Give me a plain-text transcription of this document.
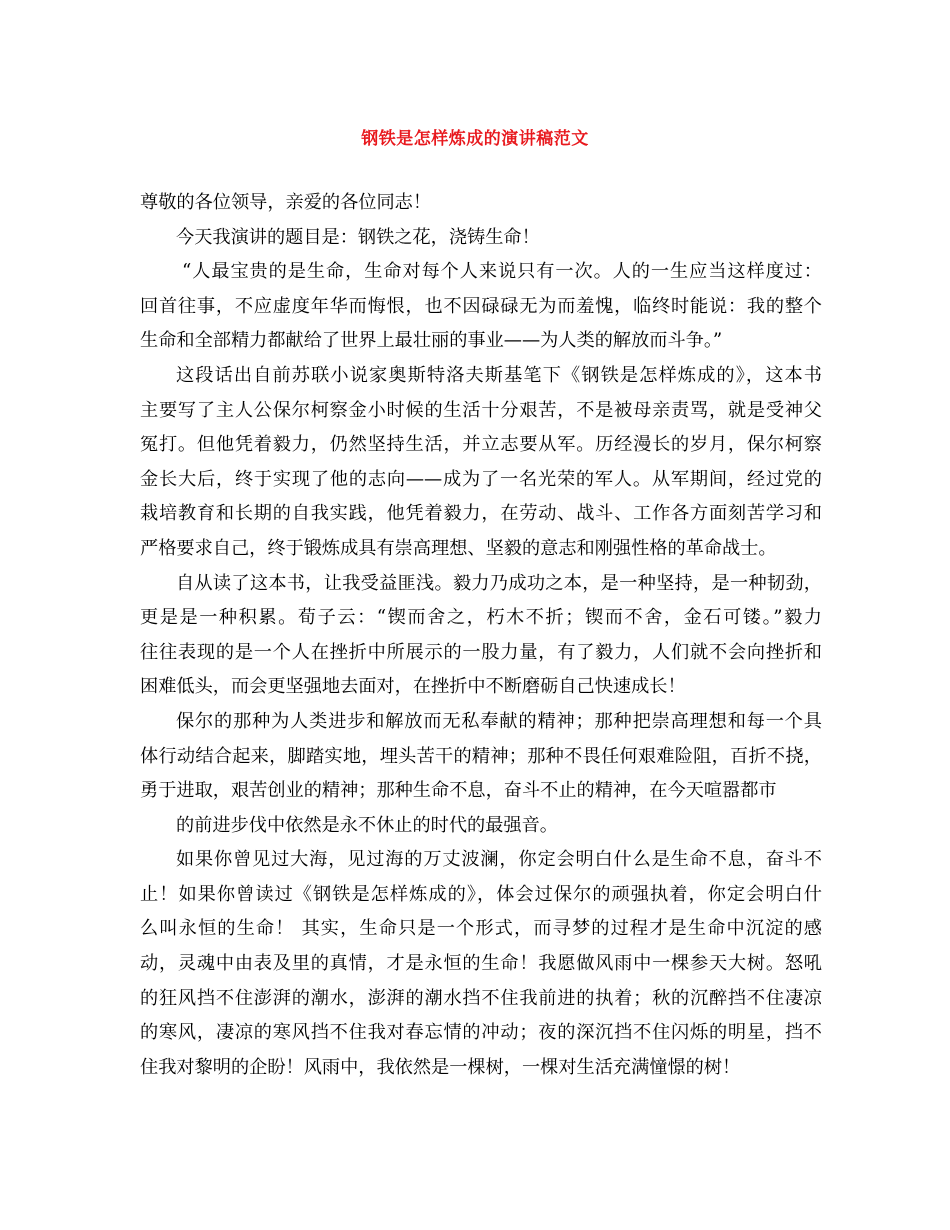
钢铁是怎样炼成的演讲稿范文
尊敬的各位领导，亲爱的各位同志！
今天我演讲的题目是：钢铁之花，浇铸生命！
“人最宝贵的是生命，生命对每个人来说只有一次。人的一生应当这样度过：
回首往事，不应虚度年华而悔恨，也不因碌碌无为而羞愧，临终时能说：我的整个
生命和全部精力都献给了世界上最壮丽的事业——为人类的解放而斗争。”
这段话出自前苏联小说家奥斯特洛夫斯基笔下《钢铁是怎样炼成的》，这本书
主要写了主人公保尔柯察金小时候的生活十分艰苦，不是被母亲责骂，就是受神父
冤打。但他凭着毅力，仍然坚持生活，并立志要从军。历经漫长的岁月，保尔柯察
金长大后，终于实现了他的志向——成为了一名光荣的军人。从军期间，经过党的
栽培教育和长期的自我实践，他凭着毅力，在劳动、战斗、工作各方面刻苦学习和
严格要求自己，终于锻炼成具有崇高理想、坚毅的意志和刚强性格的革命战士。
自从读了这本书，让我受益匪浅。毅力乃成功之本，是一种坚持，是一种韧劲，
更是是一种积累。荀子云：“锲而舍之，朽木不折；锲而不舍，金石可镂。”毅力
往往表现的是一个人在挫折中所展示的一股力量，有了毅力，人们就不会向挫折和
困难低头，而会更坚强地去面对，在挫折中不断磨砺自己快速成长！
保尔的那种为人类进步和解放而无私奉献的精神；那种把崇高理想和每一个具
体行动结合起来，脚踏实地，埋头苦干的精神；那种不畏任何艰难险阻，百折不挠，
勇于进取，艰苦创业的精神；那种生命不息，奋斗不止的精神，在今天喧嚣都市
的前进步伐中依然是永不休止的时代的最强音。
如果你曾见过大海，见过海的万丈波澜，你定会明白什么是生命不息，奋斗不
止！如果你曾读过《钢铁是怎样炼成的》，体会过保尔的顽强执着，你定会明白什
么叫永恒的生命！ 其实，生命只是一个形式，而寻梦的过程才是生命中沉淀的感
动，灵魂中由表及里的真情，才是永恒的生命！我愿做风雨中一棵参天大树。怒吼
的狂风挡不住澎湃的潮水，澎湃的潮水挡不住我前进的执着；秋的沉醉挡不住凄凉
的寒风，凄凉的寒风挡不住我对春忘情的冲动；夜的深沉挡不住闪烁的明星，挡不
住我对黎明的企盼！风雨中，我依然是一棵树，一棵对生活充满憧憬的树！
